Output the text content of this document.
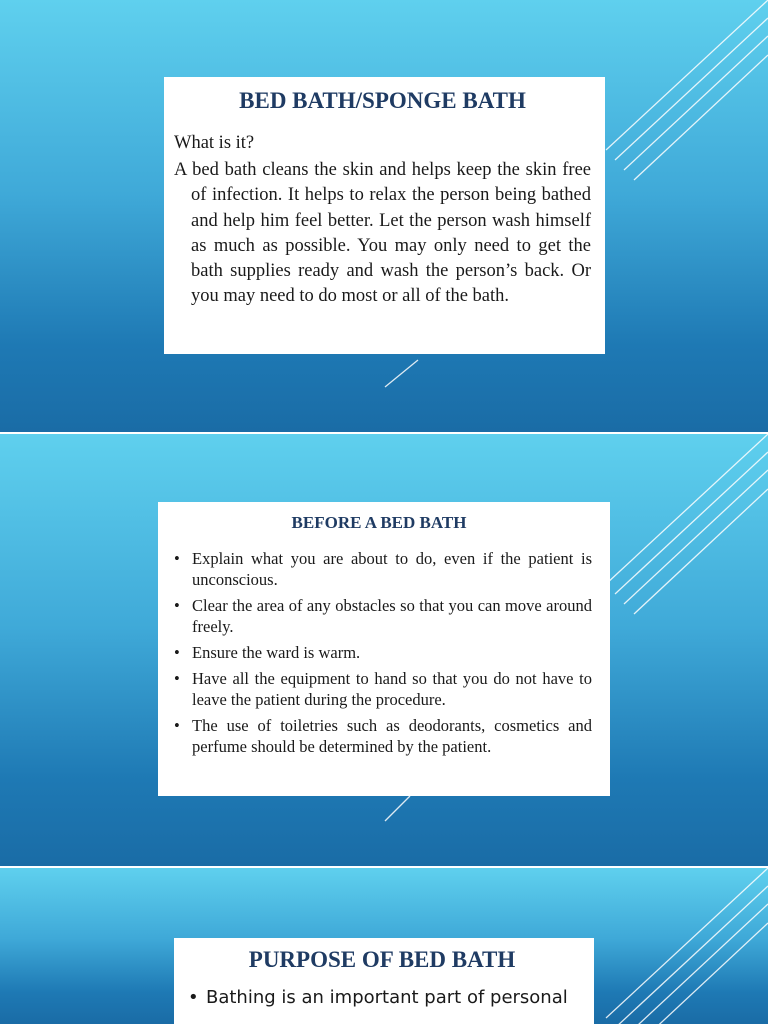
BED BATH/SPONGE BATH
What is it?
A bed bath cleans the skin and helps keep the skin free of infection. It helps to relax the person being bathed and help him feel better. Let the person wash himself as much as possible. You may only need to get the bath supplies ready and wash the person’s back. Or you may need to do most or all of the bath.
BEFORE A BED BATH
• Explain what you are about to do, even if the patient is unconscious.
• Clear the area of any obstacles so that you can move around freely.
• Ensure the ward is warm.
• Have all the equipment to hand so that you do not have to leave the patient during the procedure.
• The use of toiletries such as deodorants, cosmetics and perfume should be determined by the patient.
PURPOSE OF BED BATH
• Bathing is an important part of personal
